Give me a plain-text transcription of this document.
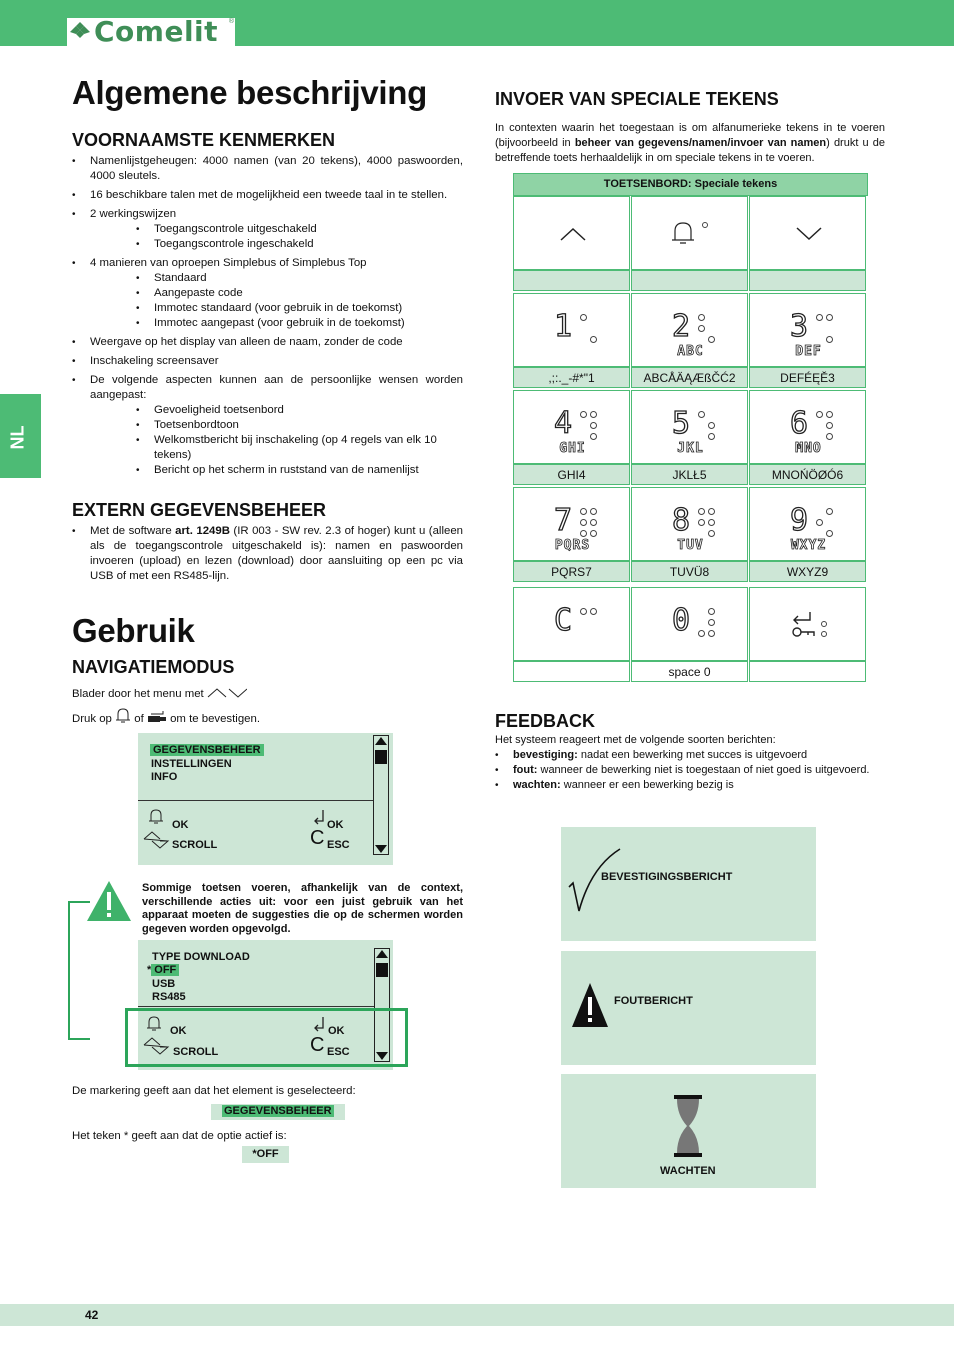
Comelit ®
NL
Algemene beschrijving
VOORNAAMSTE KENMERKEN
• Namenlijstgeheugen: 4000 namen (van 20 tekens), 4000 paswoorden, 4000 sleutels.
• 16 beschikbare talen met de mogelijkheid een tweede taal in te stellen.
• 2 werkingswijzen
• Toegangscontrole uitgeschakeld
• Toegangscontrole ingeschakeld
• 4 manieren van oproepen Simplebus of Simplebus Top
• Standaard
• Aangepaste code
• Immotec standaard (voor gebruik in de toekomst)
• Immotec aangepast (voor gebruik in de toekomst)
• Weergave op het display van alleen de naam, zonder de code
• Inschakeling screensaver
• De volgende aspecten kunnen aan de persoonlijke wensen worden aangepast:
• Gevoeligheid toetsenbord
• Toetsenbordtoon
• Welkomstbericht bij inschakeling (op 4 regels van elk 10 tekens)
• Bericht op het scherm in ruststand van de namenlijst
EXTERN GEGEVENSBEHEER
• Met de software art. 1249B (IR 003 - SW rev. 2.3 of hoger) kunt u (alleen als de toegangscontrole uitgeschakeld is): namen en paswoorden invoeren (upload) en lezen (download) door aansluiting op een pc via USB of met een RS485-lijn.
Gebruik
NAVIGATIEMODUS
Blader door het menu met
Druk op of om te bevestigen.
GEGEVENSBEHEER
INSTELLINGEN
INFO
OK
SCROLL
OK
C ESC
Sommige toetsen voeren, afhankelijk van de context, verschillende acties uit: voor een juist gebruik van het apparaat moeten de suggesties die op de schermen worden gegeven worden opgevolgd.
TYPE DOWNLOAD
* OFF
USB
RS485
OK
SCROLL
OK
C ESC
De markering geeft aan dat het element is geselecteerd:
GEGEVENSBEHEER
Het teken * geeft aan dat de optie actief is:
*OFF
INVOER VAN SPECIALE TEKENS
In contexten waarin het toegestaan is om alfanumerieke tekens in te voeren (bijvoorbeeld in beheer van gegevens/namen/invoer van namen) drukt u de betreffende toets herhaaldelijk in om speciale tekens in te voeren.
TOETSENBORD: Speciale tekens
1
,;:._-#*"1
2
ABC
ABCÅÄĄÆßČĆ2
3
DEF
DEFÉĘĚ3
4
GHI
GHI4
5
JKL
JKLŁ5
6
MNO
MNOŃÖØÓ6
7
PQRS
PQRS7
8
TUV
TUVÜ8
9
WXYZ
WXYZ9
C	0
space 0
FEEDBACK
Het systeem reageert met de volgende soorten berichten:
• bevestiging: nadat een bewerking met succes is uitgevoerd
• fout: wanneer de bewerking niet is toegestaan of niet goed is uitgevoerd.
• wachten: wanneer er een bewerking bezig is
BEVESTIGINGSBERICHT
FOUTBERICHT
WACHTEN
42
